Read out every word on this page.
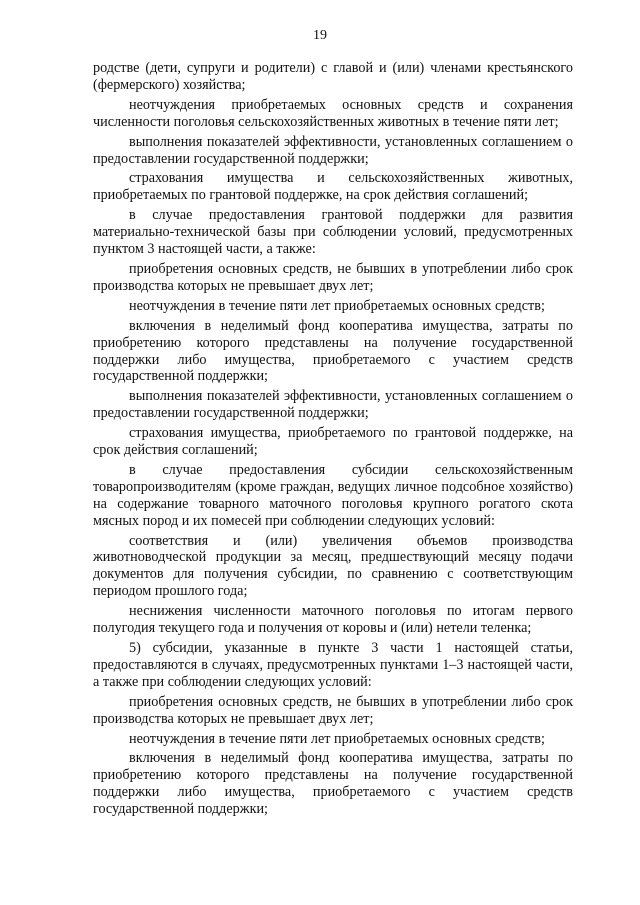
19

родстве (дети, супруги и родители) с главой и (или) членами крестьянского (фермерского) хозяйства;

неотчуждения приобретаемых основных средств и сохранения численности поголовья сельскохозяйственных животных в течение пяти лет;

выполнения показателей эффективности, установленных соглашением о предоставлении государственной поддержки;

страхования имущества и сельскохозяйственных животных, приобретаемых по грантовой поддержке, на срок действия соглашений;

в случае предоставления грантовой поддержки для развития материально-технической базы при соблюдении условий, предусмотренных пунктом 3 настоящей части, а также:

приобретения основных средств, не бывших в употреблении либо срок производства которых не превышает двух лет;

неотчуждения в течение пяти лет приобретаемых основных средств;

включения в неделимый фонд кооператива имущества, затраты по приобретению которого представлены на получение государственной поддержки либо имущества, приобретаемого с участием средств государственной поддержки;

выполнения показателей эффективности, установленных соглашением о предоставлении государственной поддержки;

страхования имущества, приобретаемого по грантовой поддержке, на срок действия соглашений;

в случае предоставления субсидии сельскохозяйственным товаропроизводителям (кроме граждан, ведущих личное подсобное хозяйство) на содержание товарного маточного поголовья крупного рогатого скота мясных пород и их помесей при соблюдении следующих условий:

соответствия и (или) увеличения объемов производства животноводческой продукции за месяц, предшествующий месяцу подачи документов для получения субсидии, по сравнению с соответствующим периодом прошлого года;

неснижения численности маточного поголовья по итогам первого полугодия текущего года и получения от коровы и (или) нетели теленка;

5) субсидии, указанные в пункте 3 части 1 настоящей статьи, предоставляются в случаях, предусмотренных пунктами 1–3 настоящей части, а также при соблюдении следующих условий:

приобретения основных средств, не бывших в употреблении либо срок производства которых не превышает двух лет;

неотчуждения в течение пяти лет приобретаемых основных средств;

включения в неделимый фонд кооператива имущества, затраты по приобретению которого представлены на получение государственной поддержки либо имущества, приобретаемого с участием средств государственной поддержки;
